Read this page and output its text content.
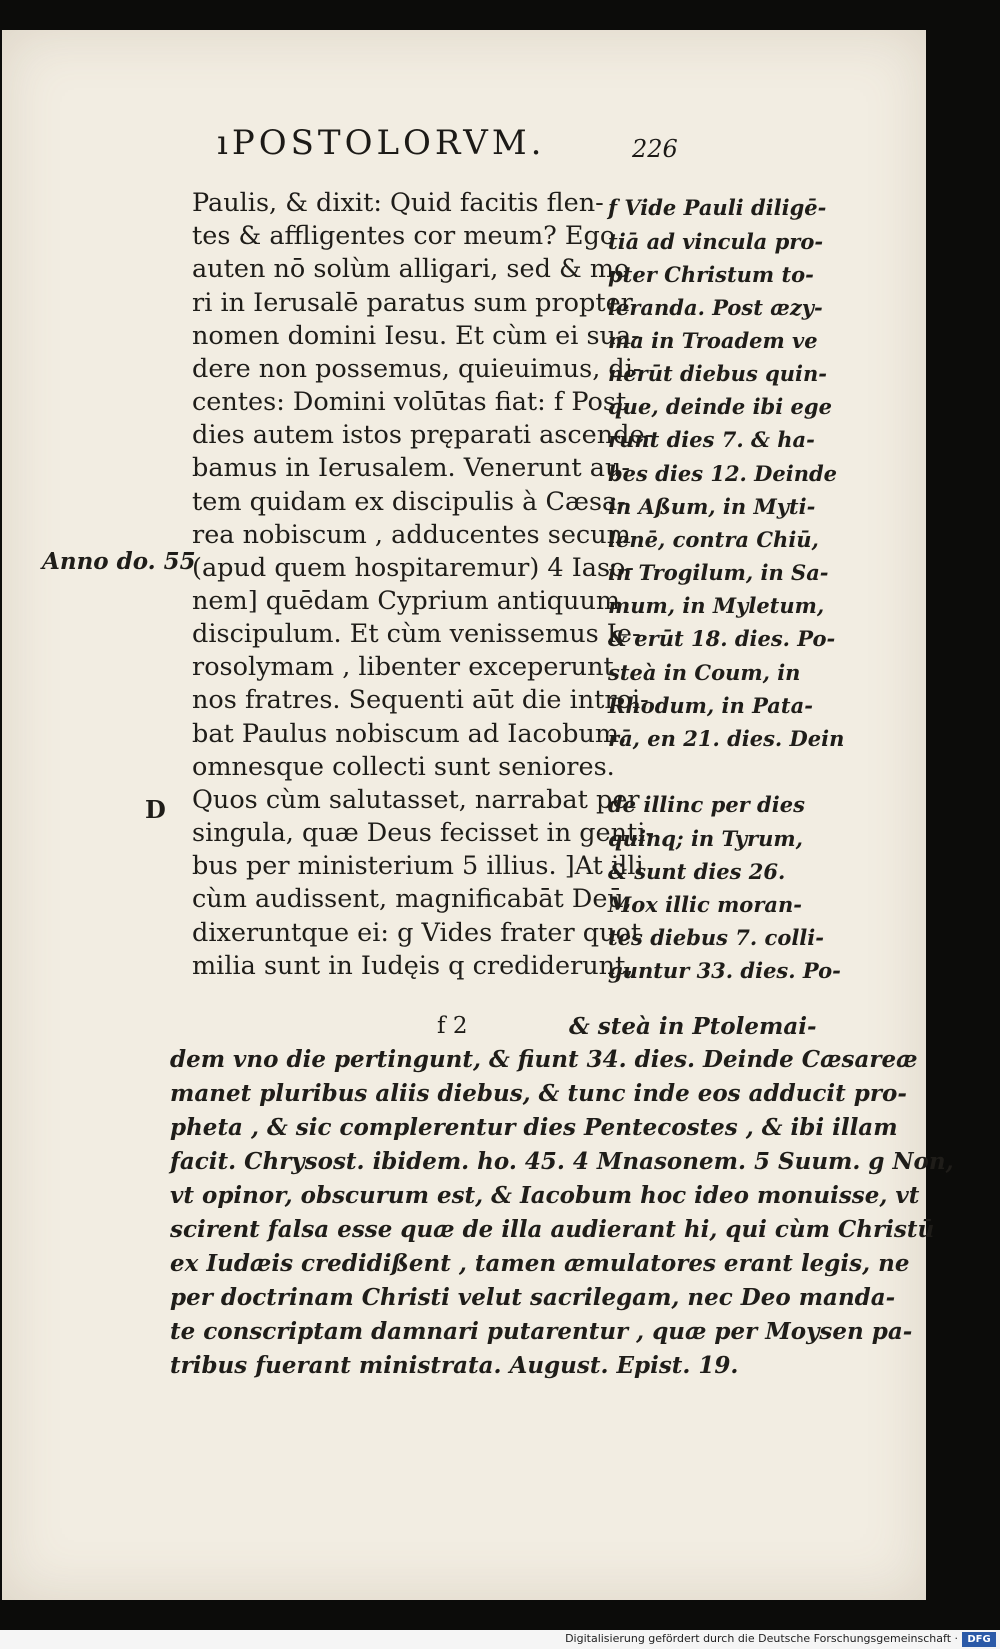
ıPOSTOLORVM.	226
Paulis, & dixit: Quid facitis flen-
tes & affligentes cor meum? Ego
auten nō solùm alligari, sed & mo
ri in Ierusalē paratus sum propter
nomen domini Iesu. Et cùm ei sua-
dere non possemus, quieuimus, di-
centes: Domini volūtas fiat: f Post
dies autem istos pręparati ascende-
bamus in Ierusalem. Venerunt au-
tem quidam ex discipulis à Cæsa-
rea nobiscum , adducentes secum
(apud quem hospitaremur) 4 Iaso-
nem] quēdam Cyprium antiquum
discipulum. Et cùm venissemus Ie-
rosolymam , libenter exceperunt
nos fratres. Sequenti aūt die introi-
bat Paulus nobiscum ad Iacobum,
omnesque collecti sunt seniores.
Quos cùm salutasset, narrabat per
singula, quæ Deus fecisset in genti-
bus per ministerium 5 illius. ]At illi
cùm audissent, magnificabāt Deū,
dixeruntque ei: g Vides frater quot
milia sunt in Iudęis q crediderunt,
f Vide Pauli diligē-
tiā ad vincula pro-
pter Christum to-
leranda. Post æzy-
ma in Troadem ve
nerūt diebus quin-
que, deinde ibi ege
runt dies 7. & ha-
bes dies 12. Deinde
in Aßum, in Myti-
lenē, contra Chiū,
in Trogilum, in Sa-
mum, in Myletum,
& erūt 18. dies. Po-
steà in Coum, in
Rhodum, in Pata-
rā, en 21. dies. Dein
de illinc per dies
quinq; in Tyrum,
& sunt dies 26.
Mox illic moran-
tes diebus 7. colli-
guntur 33. dies. Po-
Anno do. 55
D
f 2	& steà in Ptolemai-
dem vno die pertingunt, & fiunt 34. dies. Deinde Cæsareæ
manet pluribus aliis diebus, & tunc inde eos adducit pro-
pheta , & sic complerentur dies Pentecostes , & ibi illam
facit. Chrysost. ibidem. ho. 45. 4 Mnasonem. 5 Suum. g Non,
vt opinor, obscurum est, & Iacobum hoc ideo monuisse, vt
scirent falsa esse quæ de illa audierant hi, qui cùm Christū
ex Iudæis credidißent , tamen æmulatores erant legis, ne
per doctrinam Christi velut sacrilegam, nec Deo manda-
te conscriptam damnari putarentur , quæ per Moysen pa-
tribus fuerant ministrata. August. Epist. 19.
Digitalisierung gefördert durch die Deutsche Forschungsgemeinschaft · DFG
